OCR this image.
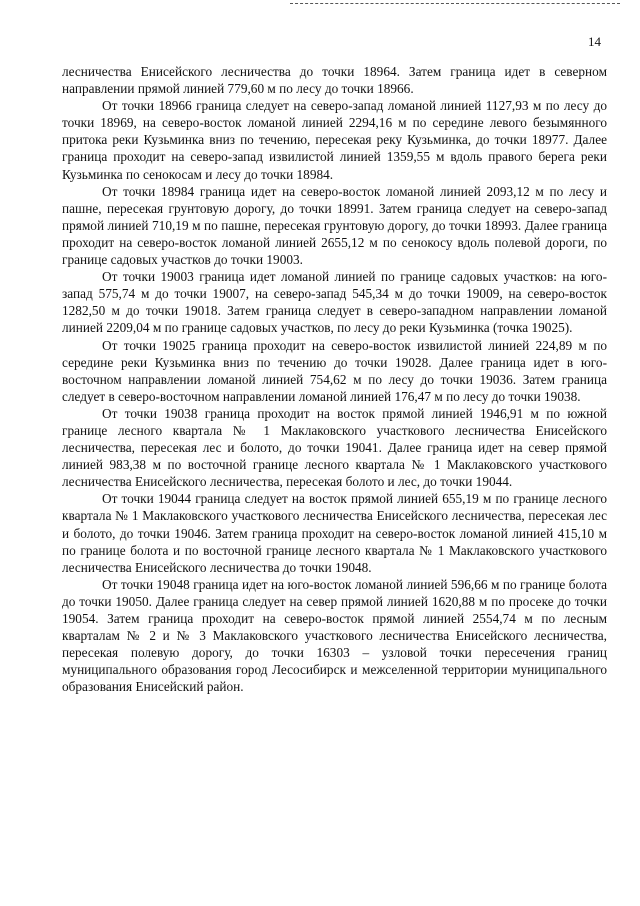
14

лесничества Енисейского лесничества до точки 18964. Затем граница идет в северном направлении прямой линией 779,60 м по лесу до точки 18966.

От точки 18966 граница следует на северо-запад ломаной линией 1127,93 м по лесу до точки 18969, на северо-восток ломаной линией 2294,16 м по середине левого безымянного притока реки Кузьминка вниз по течению, пересекая реку Кузьминка, до точки 18977. Далее граница проходит на северо-запад извилистой линией 1359,55 м вдоль правого берега реки Кузьминка по сенокосам и лесу до точки 18984.

От точки 18984 граница идет на северо-восток ломаной линией 2093,12 м по лесу и пашне, пересекая грунтовую дорогу, до точки 18991. Затем граница следует на северо-запад прямой линией 710,19 м по пашне, пересекая грунтовую дорогу, до точки 18993. Далее граница проходит на северо-восток ломаной линией 2655,12 м по сенокосу вдоль полевой дороги, по границе садовых участков до точки 19003.

От точки 19003 граница идет ломаной линией по границе садовых участков: на юго-запад 575,74 м до точки 19007, на северо-запад 545,34 м до точки 19009, на северо-восток 1282,50 м до точки 19018. Затем граница следует в северо-западном направлении ломаной линией 2209,04 м по границе садовых участков, по лесу до реки Кузьминка (точка 19025).

От точки 19025 граница проходит на северо-восток извилистой линией 224,89 м по середине реки Кузьминка вниз по течению до точки 19028. Далее граница идет в юго-восточном направлении ломаной линией 754,62 м по лесу до точки 19036. Затем граница следует в северо-восточном направлении ломаной линией 176,47 м по лесу до точки 19038.

От точки 19038 граница проходит на восток прямой линией 1946,91 м по южной границе лесного квартала № 1 Маклаковского участкового лесничества Енисейского лесничества, пересекая лес и болото, до точки 19041. Далее граница идет на север прямой линией 983,38 м по восточной границе лесного квартала № 1 Маклаковского участкового лесничества Енисейского лесничества, пересекая болото и лес, до точки 19044.

От точки 19044 граница следует на восток прямой линией 655,19 м по границе лесного квартала № 1 Маклаковского участкового лесничества Енисейского лесничества, пересекая лес и болото, до точки 19046. Затем граница проходит на северо-восток ломаной линией 415,10 м по границе болота и по восточной границе лесного квартала № 1 Маклаковского участкового лесничества Енисейского лесничества до точки 19048.

От точки 19048 граница идет на юго-восток ломаной линией 596,66 м по границе болота до точки 19050. Далее граница следует на север прямой линией 1620,88 м по просеке до точки 19054. Затем граница проходит на северо-восток прямой линией 2554,74 м по лесным кварталам № 2 и № 3 Маклаковского участкового лесничества Енисейского лесничества, пересекая полевую дорогу, до точки 16303 – узловой точки пересечения границ муниципального образования город Лесосибирск и межселенной территории муниципального образования Енисейский район.
